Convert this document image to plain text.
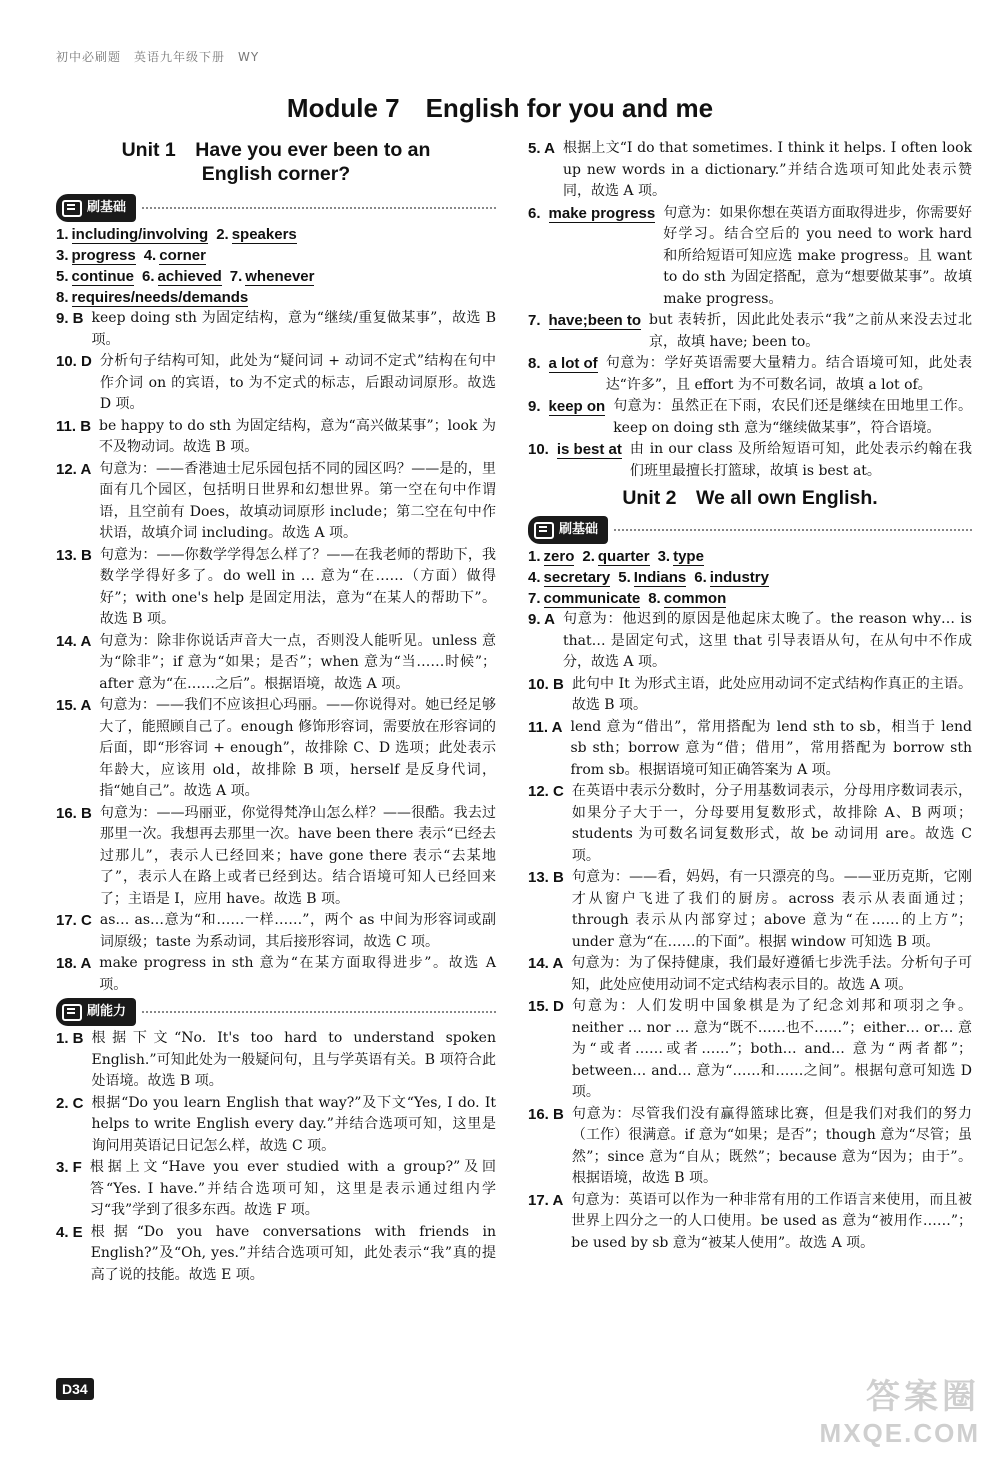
初中必刷题　英语九年级下册　WY
Module 7　English for you and me
Unit 1　Have you ever been to an
English corner?
刷基础
1. including/involving 2. speakers
3. progress 4. corner
5. continue 6. achieved 7. whenever
8. requires/needs/demands
9. B keep doing sth 为固定结构，意为“继续/重复做某事”，故选 B 项。
10. D 分析句子结构可知，此处为“疑问词 + 动词不定式”结构在句中作介词 on 的宾语，to 为不定式的标志，后跟动词原形。故选 D 项。
11. B be happy to do sth 为固定结构，意为“高兴做某事”；look 为不及物动词。故选 B 项。
12. A 句意为：——香港迪士尼乐园包括不同的园区吗？——是的，里面有几个园区，包括明日世界和幻想世界。第一空在句中作谓语，且空前有 Does，故填动词原形 include；第二空在句中作状语，故填介词 including。故选 A 项。
13. B 句意为：——你数学学得怎么样了？——在我老师的帮助下，我数学学得好多了。do well in … 意为“在……（方面）做得好”；with one's help 是固定用法，意为“在某人的帮助下”。故选 B 项。
14. A 句意为：除非你说话声音大一点，否则没人能听见。unless 意为“除非”；if 意为“如果；是否”；when 意为“当……时候”；after 意为“在……之后”。根据语境，故选 A 项。
15. A 句意为：——我们不应该担心玛丽。——你说得对。她已经足够大了，能照顾自己了。enough 修饰形容词，需要放在形容词的后面，即“形容词 + enough”，故排除 C、D 选项；此处表示年龄大，应该用 old，故排除 B 项，herself 是反身代词，指“她自己”。故选 A 项。
16. B 句意为：——玛丽亚，你觉得梵净山怎么样？——很酷。我去过那里一次。我想再去那里一次。have been there 表示“已经去过那儿”，表示人已经回来；have gone there 表示“去某地了”，表示人在路上或者已经到达。结合语境可知人已经回来了；主语是 I，应用 have。故选 B 项。
17. C as… as…意为“和……一样……”，两个 as 中间为形容词或副词原级；taste 为系动词，其后接形容词，故选 C 项。
18. A make progress in sth 意为“在某方面取得进步”。故选 A 项。
刷能力
1. B 根据下文“No. It's too hard to understand spoken English.”可知此处为一般疑问句，且与学英语有关。B 项符合此处语境。故选 B 项。
2. C 根据“Do you learn English that way?”及下文“Yes, I do. It helps to write English every day.”并结合选项可知，这里是询问用英语记日记怎么样，故选 C 项。
3. F 根据上文“Have you ever studied with a group?”及回答“Yes. I have.”并结合选项可知，这里是表示通过组内学习“我”学到了很多东西。故选 F 项。
4. E 根据“Do you have conversations with friends in English?”及“Oh, yes.”并结合选项可知，此处表示“我”真的提高了说的技能。故选 E 项。
5. A 根据上文“I do that sometimes. I think it helps. I often look up new words in a dictionary.”并结合选项可知此处表示赞同，故选 A 项。
6. make progress 句意为：如果你想在英语方面取得进步，你需要好好学习。结合空后的 you need to work hard 和所给短语可知应选 make progress。且 want to do sth 为固定搭配，意为“想要做某事”。故填 make progress。
7. have;been to but 表转折，因此此处表示“我”之前从来没去过北京，故填 have; been to。
8. a lot of 句意为：学好英语需要大量精力。结合语境可知，此处表达“许多”，且 effort 为不可数名词，故填 a lot of。
9. keep on 句意为：虽然正在下雨，农民们还是继续在田地里工作。keep on doing sth 意为“继续做某事”，符合语境。
10. is best at 由 in our class 及所给短语可知，此处表示约翰在我们班里最擅长打篮球，故填 is best at。
Unit 2　We all own English.
刷基础
1. zero 2. quarter 3. type
4. secretary 5. Indians 6. industry
7. communicate 8. common
9. A 句意为：他迟到的原因是他起床太晚了。the reason why… is that… 是固定句式，这里 that 引导表语从句，在从句中不作成分，故选 A 项。
10. B 此句中 It 为形式主语，此处应用动词不定式结构作真正的主语。故选 B 项。
11. A lend 意为“借出”，常用搭配为 lend sth to sb，相当于 lend sb sth；borrow 意为“借；借用”，常用搭配为 borrow sth from sb。根据语境可知正确答案为 A 项。
12. C 在英语中表示分数时，分子用基数词表示，分母用序数词表示，如果分子大于一，分母要用复数形式，故排除 A、B 两项；students 为可数名词复数形式，故 be 动词用 are。故选 C 项。
13. B 句意为：——看，妈妈，有一只漂亮的鸟。——亚历克斯，它刚才从窗户飞进了我们的厨房。across 表示从表面通过；through 表示从内部穿过；above 意为“在……的上方”；under 意为“在……的下面”。根据 window 可知选 B 项。
14. A 句意为：为了保持健康，我们最好遵循七步洗手法。分析句子可知，此处应使用动词不定式结构表示目的。故选 A 项。
15. D 句意为：人们发明中国象棋是为了纪念刘邦和项羽之争。neither … nor … 意为“既不……也不……”；either… or… 意为“或者……或者……”；both… and… 意为“两者都”；between… and… 意为“……和……之间”。根据句意可知选 D 项。
16. B 句意为：尽管我们没有赢得篮球比赛，但是我们对我们的努力（工作）很满意。if 意为“如果；是否”；though 意为“尽管；虽然”；since 意为“自从；既然”；because 意为“因为；由于”。根据语境，故选 B 项。
17. A 句意为：英语可以作为一种非常有用的工作语言来使用，而且被世界上四分之一的人口使用。be used as 意为“被用作……”；be used by sb 意为“被某人使用”。故选 A 项。
D34	答案圈
MXQE.COM
